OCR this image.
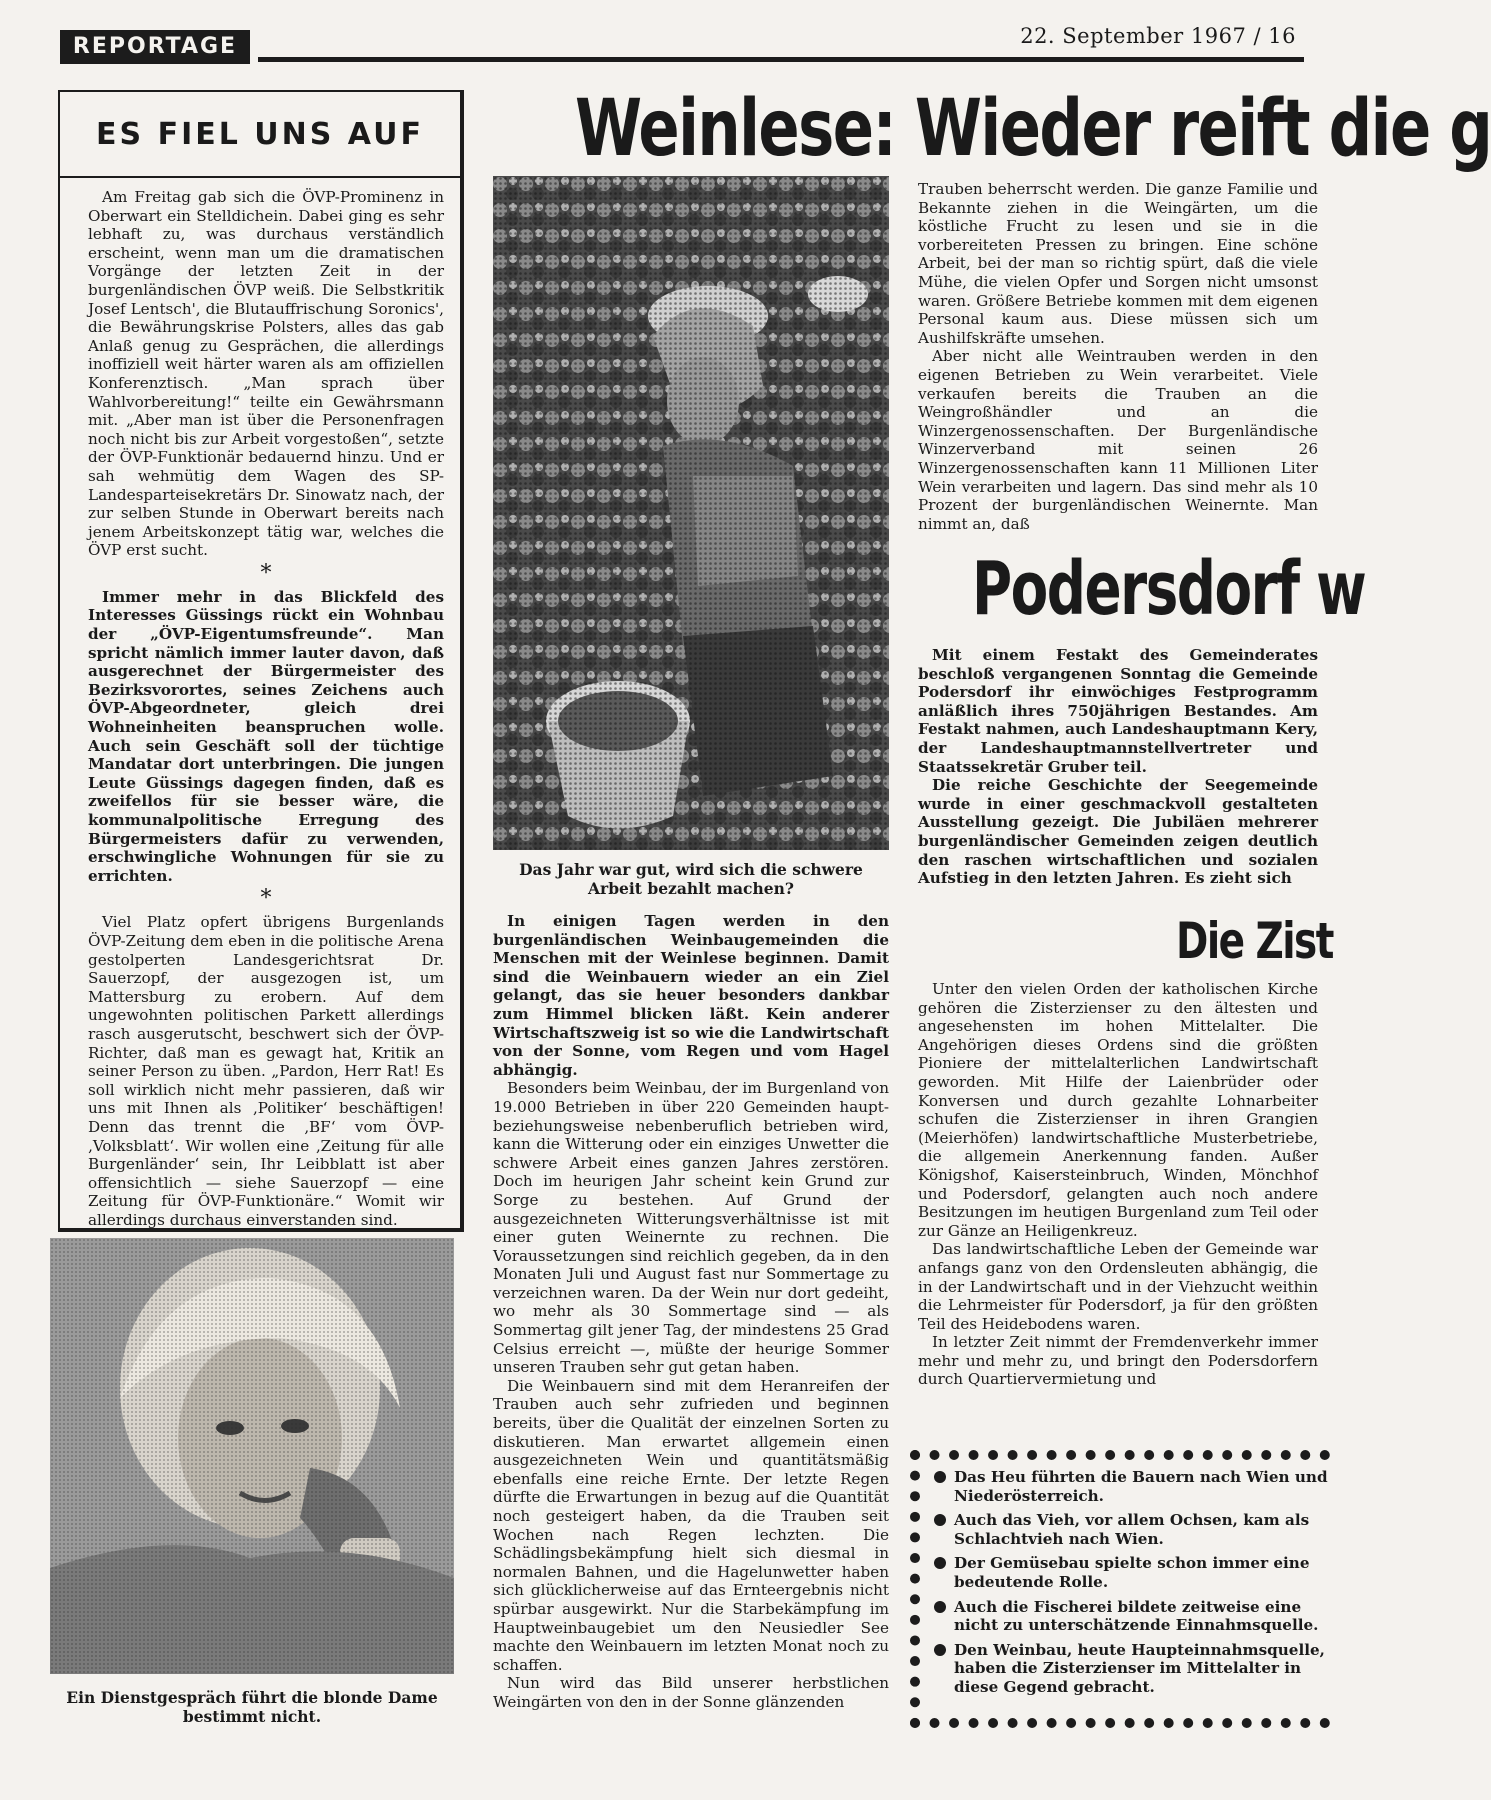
REPORTAGE	22. September 1967 / 16
ES FIEL UNS AUF

Am Freitag gab sich die ÖVP-Prominenz in Oberwart ein Stelldichein. Dabei ging es sehr lebhaft zu, was durchaus verständlich erscheint, wenn man um die dramatischen Vorgänge der letzten Zeit in der burgenländischen ÖVP weiß. Die Selbstkritik Josef Lentsch', die Blutauffrischung Soronics', die Bewährungskrise Polsters, alles das gab Anlaß genug zu Gesprächen, die allerdings inoffiziell weit härter waren als am offiziellen Konferenztisch. „Man sprach über Wahlvorbereitung!“ teilte ein Gewährsmann mit. „Aber man ist über die Personenfragen noch nicht bis zur Arbeit vorgestoßen“, setzte der ÖVP-Funktionär bedauernd hinzu. Und er sah wehmütig dem Wagen des SP-Landesparteisekretärs Dr. Sinowatz nach, der zur selben Stunde in Oberwart bereits nach jenem Arbeitskonzept tätig war, welches die ÖVP erst sucht.

*

Immer mehr in das Blickfeld des Interesses Güssings rückt ein Wohnbau der „ÖVP-Eigentumsfreunde“. Man spricht nämlich immer lauter davon, daß ausgerechnet der Bürgermeister des Bezirksvorortes, seines Zeichens auch ÖVP-Abgeordneter, gleich drei Wohneinheiten beanspruchen wolle. Auch sein Geschäft soll der tüchtige Mandatar dort unterbringen. Die jungen Leute Güssings dagegen finden, daß es zweifellos für sie besser wäre, die kommunalpolitische Erregung des Bürgermeisters dafür zu verwenden, erschwingliche Wohnungen für sie zu errichten.

*

Viel Platz opfert übrigens Burgenlands ÖVP-Zeitung dem eben in die politische Arena gestolperten Landesgerichtsrat Dr. Sauerzopf, der ausgezogen ist, um Mattersburg zu erobern. Auf dem ungewohnten politischen Parkett allerdings rasch ausgerutscht, beschwert sich der ÖVP-Richter, daß man es gewagt hat, Kritik an seiner Person zu üben. „Pardon, Herr Rat! Es soll wirklich nicht mehr passieren, daß wir uns mit Ihnen als ‚Politiker‘ beschäftigen! Denn das trennt die ‚BF‘ vom ÖVP-‚Volksblatt‘. Wir wollen eine ‚Zeitung für alle Burgenländer‘ sein, Ihr Leibblatt ist aber offensichtlich — siehe Sauerzopf — eine Zeitung für ÖVP-Funktionäre.“ Womit wir allerdings durchaus einverstanden sind.

Ein Dienstgespräch führt die blonde Dame bestimmt nicht.
Weinlese: Wieder reift die g
Das Jahr war gut, wird sich die schwere Arbeit bezahlt machen?

In einigen Tagen werden in den burgenländischen Weinbaugemeinden die Menschen mit der Weinlese beginnen. Damit sind die Weinbauern wieder an ein Ziel gelangt, das sie heuer besonders dankbar zum Himmel blicken läßt. Kein anderer Wirtschaftszweig ist so wie die Landwirtschaft von der Sonne, vom Regen und vom Hagel abhängig.

Besonders beim Weinbau, der im Burgenland von 19.000 Betrieben in über 220 Gemeinden haupt- beziehungsweise nebenberuflich betrieben wird, kann die Witterung oder ein einziges Unwetter die schwere Arbeit eines ganzen Jahres zerstören. Doch im heurigen Jahr scheint kein Grund zur Sorge zu bestehen. Auf Grund der ausgezeichneten Witterungsverhältnisse ist mit einer guten Weinernte zu rechnen. Die Voraussetzungen sind reichlich gegeben, da in den Monaten Juli und August fast nur Sommertage zu verzeichnen waren. Da der Wein nur dort gedeiht, wo mehr als 30 Sommertage sind — als Sommertag gilt jener Tag, der mindestens 25 Grad Celsius erreicht —, müßte der heurige Sommer unseren Trauben sehr gut getan haben.

Die Weinbauern sind mit dem Heranreifen der Trauben auch sehr zufrieden und beginnen bereits, über die Qualität der einzelnen Sorten zu diskutieren. Man erwartet allgemein einen ausgezeichneten Wein und quantitätsmäßig ebenfalls eine reiche Ernte. Der letzte Regen dürfte die Erwartungen in bezug auf die Quantität noch gesteigert haben, da die Trauben seit Wochen nach Regen lechzten. Die Schädlingsbekämpfung hielt sich diesmal in normalen Bahnen, und die Hagelunwetter haben sich glücklicherweise auf das Ernteergebnis nicht spürbar ausgewirkt. Nur die Starbekämpfung im Hauptweinbaugebiet um den Neusiedler See machte den Weinbauern im letzten Monat noch zu schaffen.

Nun wird das Bild unserer herbstlichen Weingärten von den in der Sonne glänzenden

Trauben beherrscht werden. Die ganze Familie und Bekannte ziehen in die Weingärten, um die köstliche Frucht zu lesen und sie in die vorbereiteten Pressen zu bringen. Eine schöne Arbeit, bei der man so richtig spürt, daß die viele Mühe, die vielen Opfer und Sorgen nicht umsonst waren. Größere Betriebe kommen mit dem eigenen Personal kaum aus. Diese müssen sich um Aushilfskräfte umsehen.

Aber nicht alle Weintrauben werden in den eigenen Betrieben zu Wein verarbeitet. Viele verkaufen bereits die Trauben an die Weingroßhändler und an die Winzergenossenschaften. Der Burgenländische Winzerverband mit seinen 26 Winzergenossenschaften kann 11 Millionen Liter Wein verarbeiten und lagern. Das sind mehr als 10 Prozent der burgenländischen Weinernte. Man nimmt an, daß

Podersdorf w

Mit einem Festakt des Gemeinderates beschloß vergangenen Sonntag die Gemeinde Podersdorf ihr einwöchiges Festprogramm anläßlich ihres 750jährigen Bestandes. Am Festakt nahmen, auch Landeshauptmann Kery, der Landeshauptmannstellvertreter und Staatssekretär Gruber teil.

Die reiche Geschichte der Seegemeinde wurde in einer geschmackvoll gestalteten Ausstellung gezeigt. Die Jubiläen mehrerer burgenländischer Gemeinden zeigen deutlich den raschen wirtschaftlichen und sozialen Aufstieg in den letzten Jahren. Es zieht sich

Die Zist

Unter den vielen Orden der katholischen Kirche gehören die Zisterzienser zu den ältesten und angesehensten im hohen Mittelalter. Die Angehörigen dieses Ordens sind die größten Pioniere der mittelalterlichen Landwirtschaft geworden. Mit Hilfe der Laienbrüder oder Konversen und durch gezahlte Lohnarbeiter schufen die Zisterzienser in ihren Grangien (Meierhöfen) landwirtschaftliche Musterbetriebe, die allgemein Anerkennung fanden. Außer Königshof, Kaisersteinbruch, Winden, Mönchhof und Podersdorf, gelangten auch noch andere Besitzungen im heutigen Burgenland zum Teil oder zur Gänze an Heiligenkreuz.

Das landwirtschaftliche Leben der Gemeinde war anfangs ganz von den Ordensleuten abhängig, die in der Landwirtschaft und in der Viehzucht weithin die Lehrmeister für Podersdorf, ja für den größten Teil des Heidebodens waren.

In letzter Zeit nimmt der Fremdenverkehr immer mehr und mehr zu, und bringt den Podersdorfern durch Quartiervermietung und

Das Heu führten die Bauern nach Wien und Niederösterreich.

Auch das Vieh, vor allem Ochsen, kam als Schlachtvieh nach Wien.

Der Gemüsebau spielte schon immer eine bedeutende Rolle.

Auch die Fischerei bildete zeitweise eine nicht zu unterschätzende Einnahmsquelle.

Den Weinbau, heute Haupteinnahmsquelle, haben die Zisterzienser im Mittelalter in diese Gegend gebracht.
